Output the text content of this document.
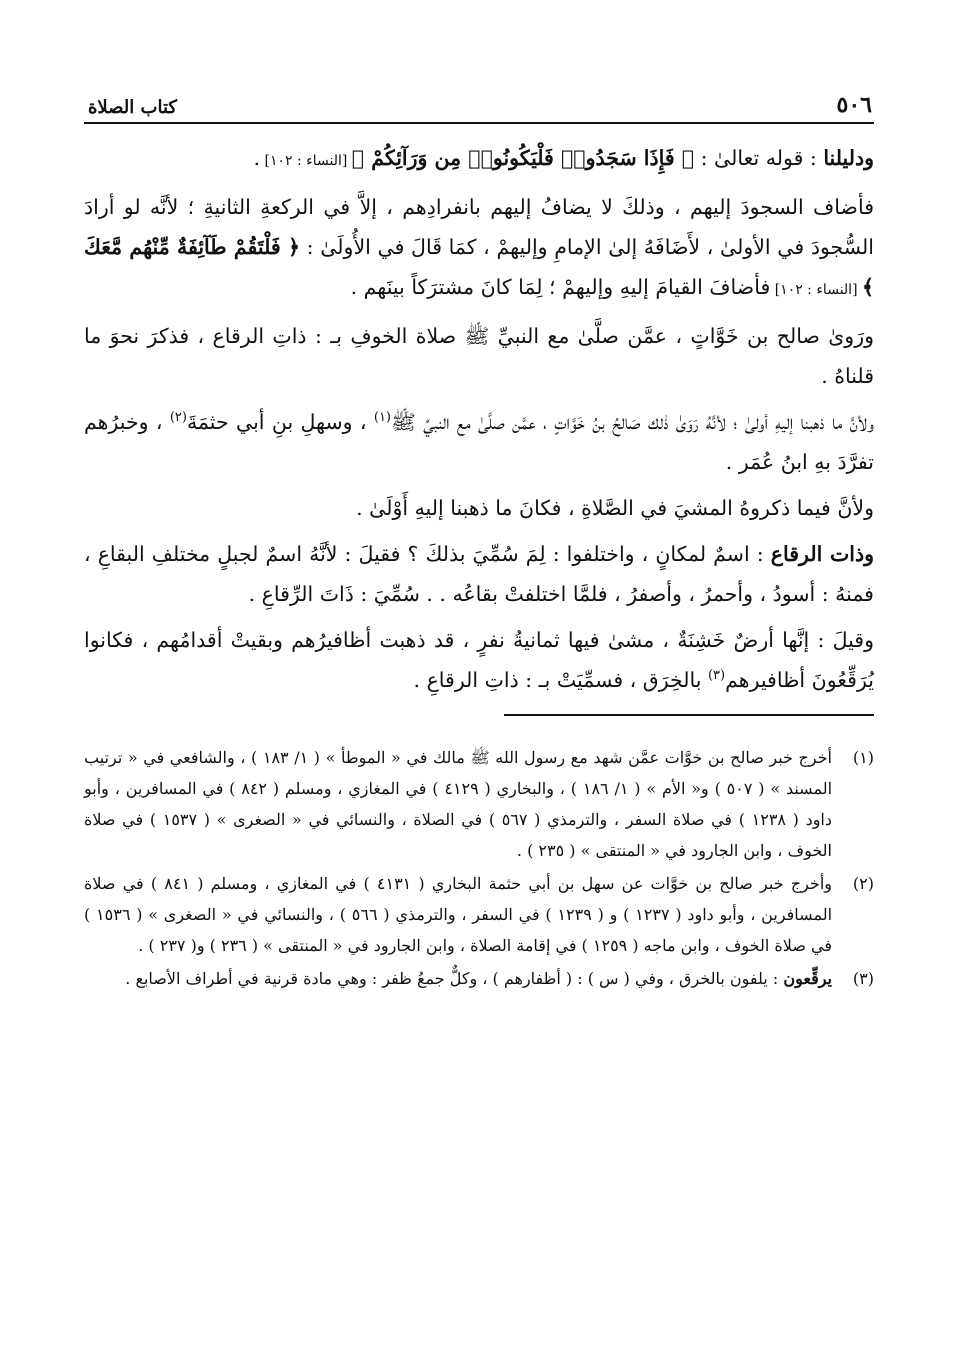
٥٠٦
كتاب الصلاة

ودليلنا : قوله تعالىٰ : ﴿ فَإِذَا سَجَدُوا۟ فَلْيَكُونُوا۟ مِن وَرَآئِكُمْ ﴾ [النساء : ١٠٢] .

فأضاف السجودَ إليهم ، وذلكَ لا يضافُ إليهم بانفرادِهم ، إلاَّ في الركعةِ الثانيةِ ؛ لأنَّه لو أرادَ السُّجودَ في الأولىٰ ، لأَضَافَهُ إلىٰ الإمامِ وإليهمْ ، كمَا قَالَ في الأُولَىٰ : ﴿ فَلْتَقُمْ طَآئِفَةٌ مِّنْهُم مَّعَكَ ﴾ [النساء : ١٠٢] فأضافَ القيامَ إليهِ وإليهمْ ؛ لِمَا كانَ مشترَكاً بينَهم .

ورَوىٰ صالح بن خَوَّاتٍ ، عمَّن صلَّىٰ مع النبيِّ ﷺ صلاة الخوفِ بـ : ذاتِ الرقاع ، فذكرَ نحوَ ما قلناهُ .

ولأنَّ ما ذهبنا إليهِ أولىٰ ؛ لأنَّهُ رَوَىٰ ذٰلك صَالحُ بنُ خَوَّاتٍ ، عمَّن صلَّىٰ مع النبيِّ ﷺ$^{(١)}$ ، وسهلِ بنِ أبي حثمَةَ$^{(٢)}$ ، وخبرُهم تفرَّدَ بهِ ابنُ عُمَر .

ولأنَّ فيما ذكروهُ المشيَ في الصَّلاةِ ، فكانَ ما ذهبنا إليهِ أَوْلَىٰ .

وذات الرقاع : اسمٌ لمكانٍ ، واختلفوا : لِمَ سُمِّيَ بذلكَ ؟ فقيلَ : لأنَّهُ اسمٌ لجبلٍ مختلفِ البقاعِ ، فمنهُ : أسودُ ، وأحمرُ ، وأصفرُ ، فلمَّا اختلفتْ بقاعُه . . سُمِّيَ : ذَاتَ الرِّقاعِ .

وقيلَ : إنَّها أرضٌ خَشِنَةٌ ، مشىٰ فيها ثمانيةُ نفرٍ ، قد ذهبت أظافيرُهم وبقيتْ أقدامُهم ، فكانوا يُرَقِّعُونَ أظافيرهم$^{(٣)}$ بالخِرَق ، فسمِّيَتْ بـ : ذاتِ الرقاعِ .

(١)
أخرج خبر صالح بن خوَّات عمَّن شهد مع رسول الله ﷺ مالك في « الموطأ » ( ١/ ١٨٣ ) ، والشافعي في « ترتيب المسند » ( ٥٠٧ ) و« الأم » ( ١/ ١٨٦ ) ، والبخاري ( ٤١٢٩ ) في المغازي ، ومسلم ( ٨٤٢ ) في المسافرين ، وأبو داود ( ١٢٣٨ ) في صلاة السفر ، والترمذي ( ٥٦٧ ) في الصلاة ، والنسائي في « الصغرى » ( ١٥٣٧ ) في صلاة الخوف ، وابن الجارود في « المنتقى » ( ٢٣٥ ) .
(٢)
وأخرج خبر صالح بن خوَّات عن سهل بن أبي حثمة البخاري ( ٤١٣١ ) في المغازي ، ومسلم ( ٨٤١ ) في صلاة المسافرين ، وأبو داود ( ١٢٣٧ ) و ( ١٢٣٩ ) في السفر ، والترمذي ( ٥٦٦ ) ، والنسائي في « الصغرى » ( ١٥٣٦ ) في صلاة الخوف ، وابن ماجه ( ١٢٥٩ ) في إقامة الصلاة ، وابن الجارود في « المنتقى » ( ٢٣٦ ) و( ٢٣٧ ) .
(٣)
يرقِّعون : يلفون بالخرق ، وفي ( س ) : ( أظفارهم ) ، وكلٌّ جمعُ ظفر : وهي مادة قرنية في أطراف الأصابع .
